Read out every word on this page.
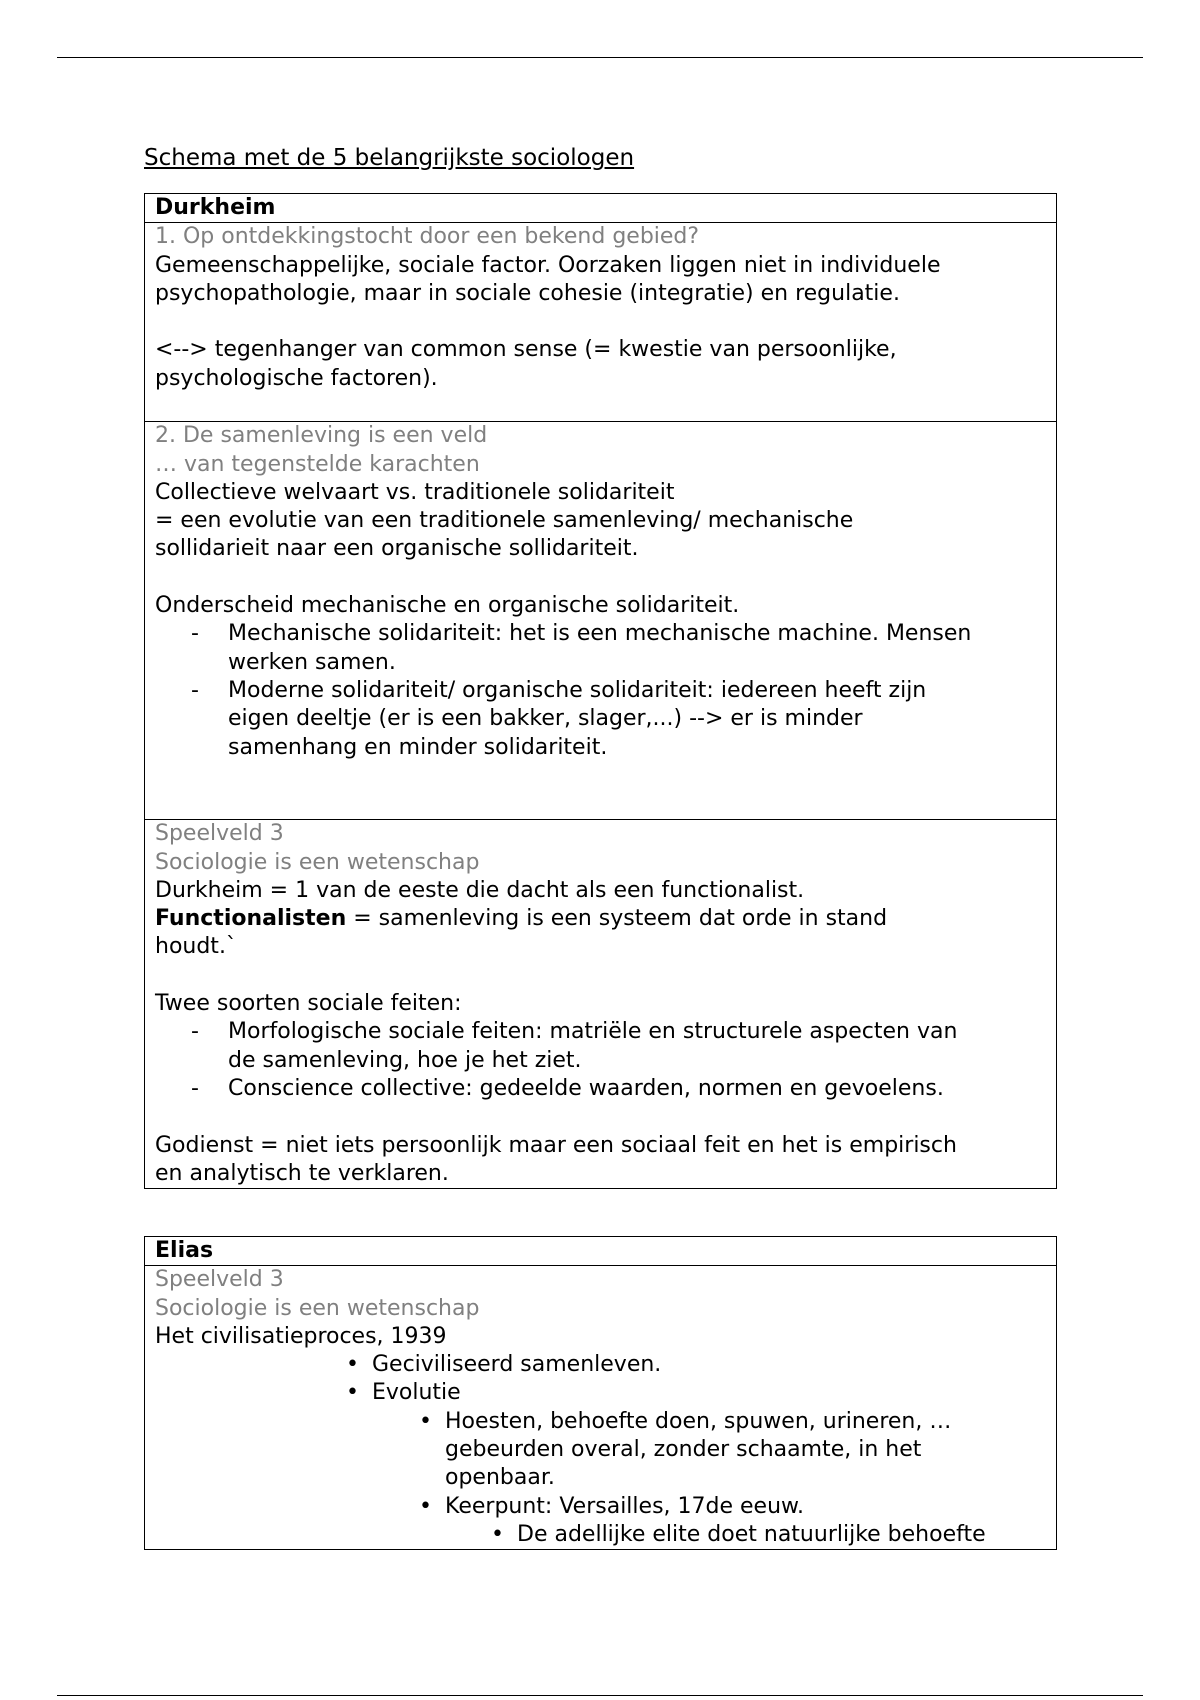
Schema met de 5 belangrijkste sociologen
Durkheim

1. Op ontdekkingstocht door een bekend gebied?
Gemeenschappelijke, sociale factor. Oorzaken liggen niet in individuele
psychopathologie, maar in sociale cohesie (integratie) en regulatie.
<--> tegenhanger van common sense (= kwestie van persoonlijke,
psychologische factoren).

2. De samenleving is een veld
… van tegenstelde karachten
Collectieve welvaart vs. traditionele solidariteit
= een evolutie van een traditionele samenleving/ mechanische
sollidarieit naar een organische sollidariteit.
Onderscheid mechanische en organische solidariteit.
- Mechanische solidariteit: het is een mechanische machine. Mensen
werken samen.
- Moderne solidariteit/ organische solidariteit: iedereen heeft zijn
eigen deeltje (er is een bakker, slager,...) --> er is minder
samenhang en minder solidariteit.

Speelveld 3
Sociologie is een wetenschap
Durkheim = 1 van de eeste die dacht als een functionalist.
Functionalisten = samenleving is een systeem dat orde in stand
houdt.`
Twee soorten sociale feiten:
- Morfologische sociale feiten: matriële en structurele aspecten van
de samenleving, hoe je het ziet.
- Conscience collective: gedeelde waarden, normen en gevoelens.
Godienst = niet iets persoonlijk maar een sociaal feit en het is empirisch
en analytisch te verklaren.
Elias

Speelveld 3
Sociologie is een wetenschap
Het civilisatieproces, 1939
• Geciviliseerd samenleven.
• Evolutie
• Hoesten, behoefte doen, spuwen, urineren, …
gebeurden overal, zonder schaamte, in het
openbaar.
• Keerpunt: Versailles, 17de eeuw.
• De adellijke elite doet natuurlijke behoefte
